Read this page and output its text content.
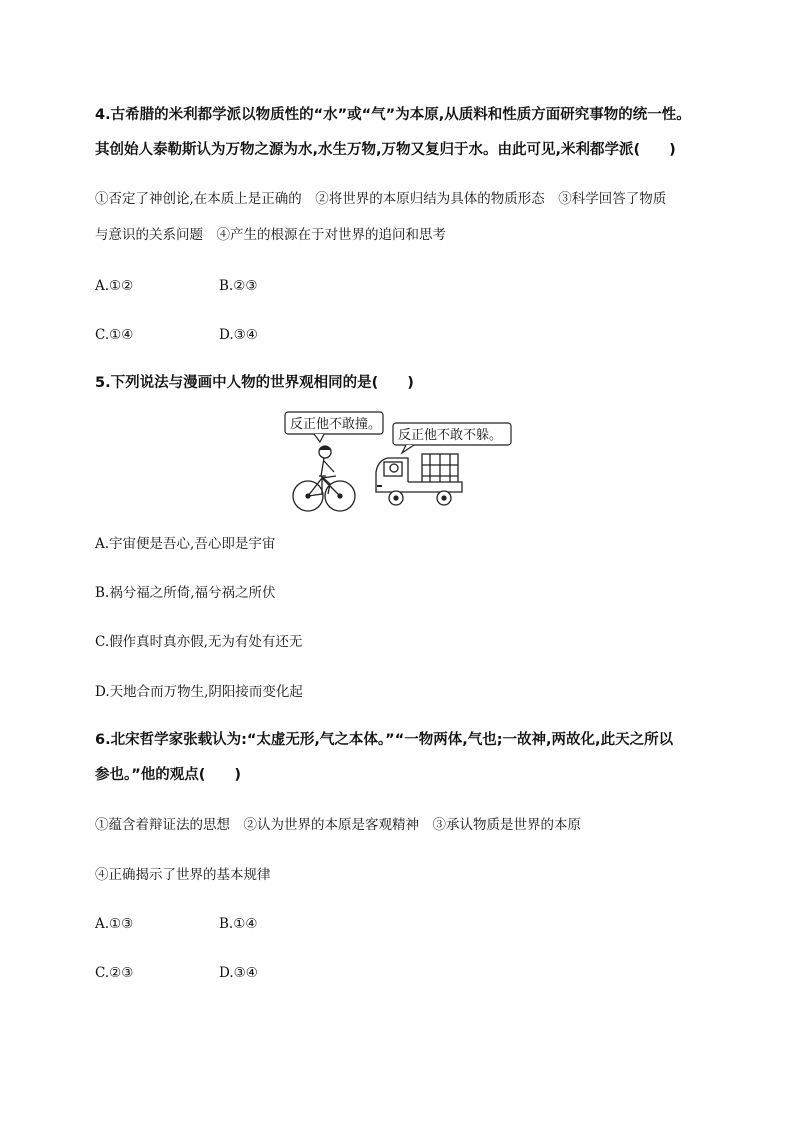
4.古希腊的米利都学派以物质性的“水”或“气”为本原,从质料和性质方面研究事物的统一性。
其创始人泰勒斯认为万物之源为水,水生万物,万物又复归于水。由此可见,米利都学派(　　)
①否定了神创论,在本质上是正确的　②将世界的本原归结为具体的物质形态　③科学回答了物质
与意识的关系问题　④产生的根源在于对世界的追问和思考
A.①②	B.②③
C.①④	D.③④
5.下列说法与漫画中人物的世界观相同的是(　　)
反正他不敢撞。
反正他不敢不躲。
A.宇宙便是吾心,吾心即是宇宙
B.祸兮福之所倚,福兮祸之所伏
C.假作真时真亦假,无为有处有还无
D.天地合而万物生,阴阳接而变化起
6.北宋哲学家张载认为:“太虚无形,气之本体。”“一物两体,气也;一故神,两故化,此天之所以
参也。”他的观点(　　)
①蕴含着辩证法的思想　②认为世界的本原是客观精神　③承认物质是世界的本原
④正确揭示了世界的基本规律
A.①③	B.①④
C.②③	D.③④
